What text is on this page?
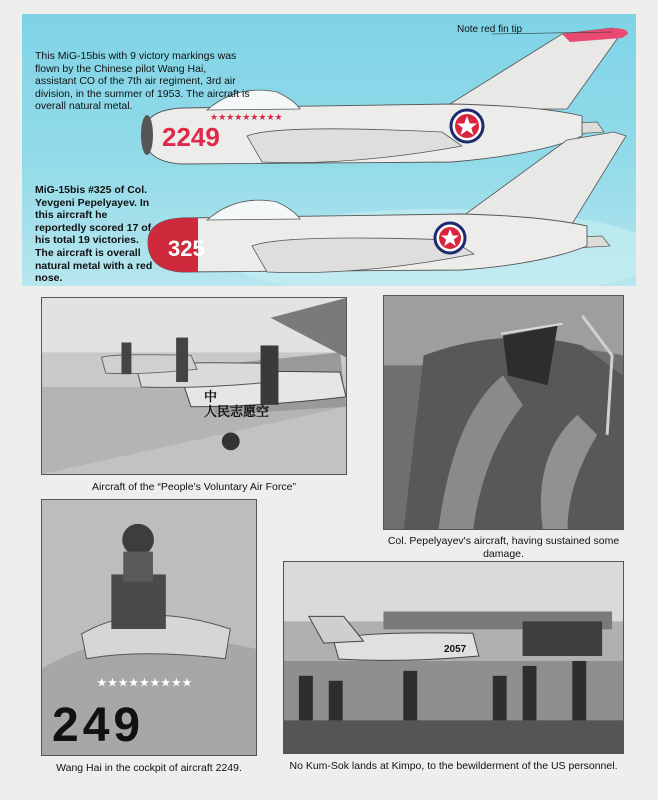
★★★★★★★★★
2249
325
Note red fin tip
This MiG-15bis with 9 victory markings was flown by the Chinese pilot Wang Hai, assistant CO of the 7th air regiment, 3rd air division, in the summer of 1953. The aircraft is overall natural metal.
MiG-15bis #325 of Col. Yevgeni Pepelyayev. In this aircraft he reportedly scored 17 of his total 19 victories. The aircraft is overall natural metal with a red nose.
中
人民志愿空
Aircraft of the “People's Voluntary Air Force”
Col. Pepelyayev's aircraft, having sustained some damage.
★★★★★★★★★
249
Wang Hai in the cockpit of aircraft 2249.
2057
No Kum-Sok lands at Kimpo, to the bewilderment of the US personnel.
